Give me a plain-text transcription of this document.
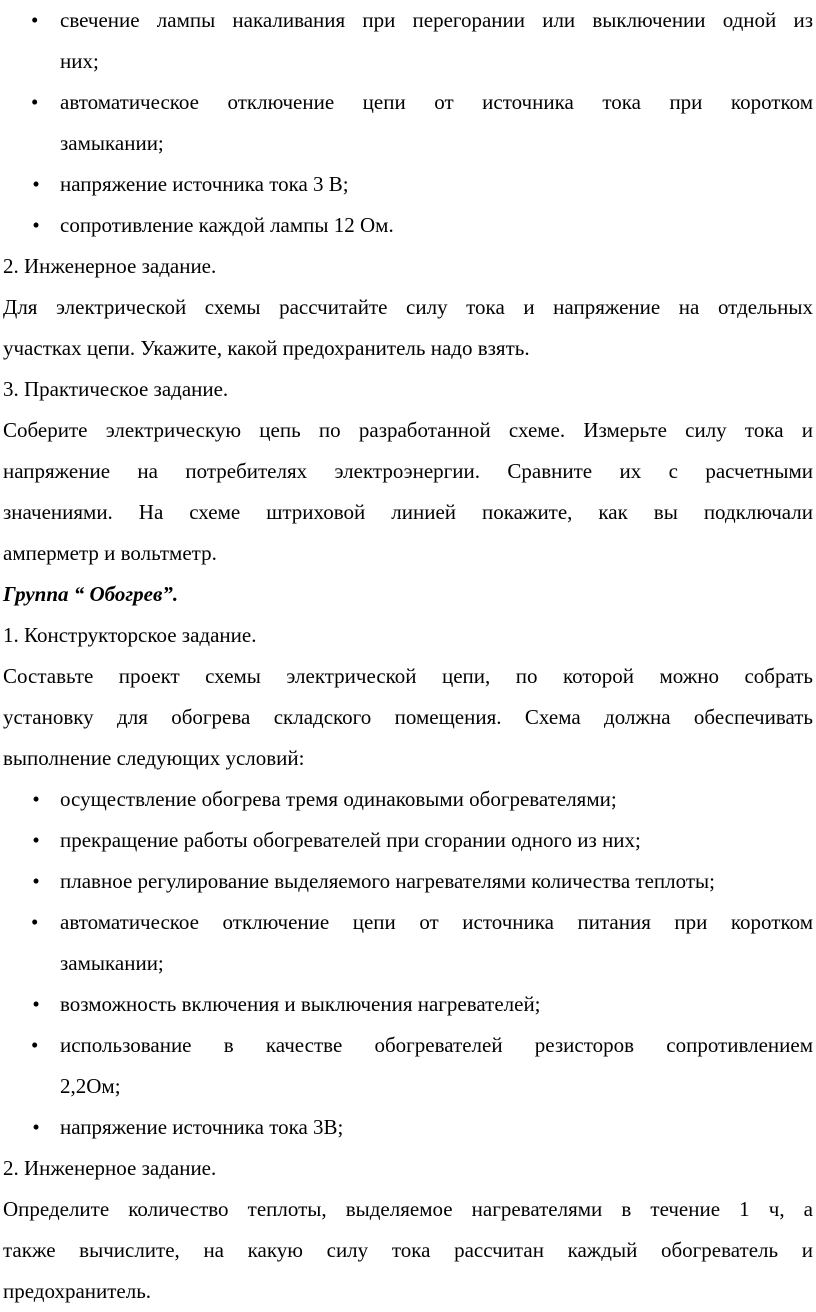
• свечение лампы накаливания при перегорании или выключении одной из

них;

• автоматическое отключение цепи от источника тока при коротком

замыкании;

• напряжение источника тока 3 В;

• сопротивление каждой лампы 12 Ом.

2. Инженерное задание.

Для электрической схемы рассчитайте силу тока и напряжение на отдельных

участках цепи. Укажите, какой предохранитель надо взять.

3. Практическое задание.

Соберите электрическую цепь по разработанной схеме. Измерьте силу тока и

напряжение на потребителях электроэнергии. Сравните их с расчетными

значениями. На схеме штриховой линией покажите, как вы подключали

амперметр и вольтметр.

Группа “ Обогрев”.

1. Конструкторское задание.

Составьте проект схемы электрической цепи, по которой можно собрать

установку для обогрева складского помещения. Схема должна обеспечивать

выполнение следующих условий:

• осуществление обогрева тремя одинаковыми обогревателями;

• прекращение работы обогревателей при сгорании одного из них;

• плавное регулирование выделяемого нагревателями количества теплоты;

• автоматическое отключение цепи от источника питания при коротком

замыкании;

• возможность включения и выключения нагревателей;

• использование в качестве обогревателей резисторов сопротивлением

2,2Ом;

• напряжение источника тока 3В;

2. Инженерное задание.

Определите количество теплоты, выделяемое нагревателями в течение 1 ч, а

также вычислите, на какую силу тока рассчитан каждый обогреватель и

предохранитель.
